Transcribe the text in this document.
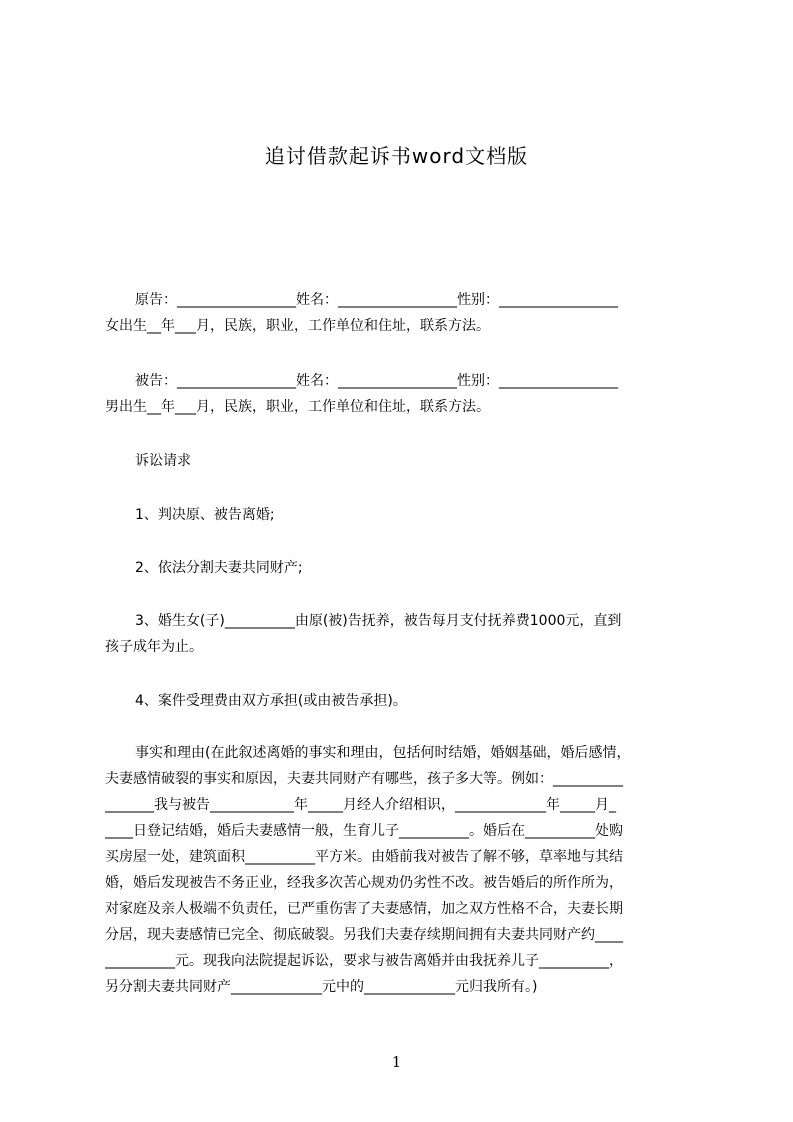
追讨借款起诉书word文档版
原告：_________________姓名：_________________性别：_________________
女出生__年___月，民族，职业，工作单位和住址，联系方法。
被告：_________________姓名：_________________性别：_________________
男出生__年___月，民族，职业，工作单位和住址，联系方法。
诉讼请求
1、判决原、被告离婚;
2、依法分割夫妻共同财产;
3、婚生女(子)__________由原(被)告抚养，被告每月支付抚养费1000元，直到
孩子成年为止。
4、案件受理费由双方承担(或由被告承担)。
事实和理由(在此叙述离婚的事实和理由，包括何时结婚，婚姻基础，婚后感情，
夫妻感情破裂的事实和原因，夫妻共同财产有哪些，孩子多大等。例如：__________
_______我与被告____________年_____月经人介绍相识，_____________年_____月_
____日登记结婚，婚后夫妻感情一般，生育儿子__________。婚后在__________处购
买房屋一处，建筑面积__________平方米。由婚前我对被告了解不够，草率地与其结
婚，婚后发现被告不务正业，经我多次苦心规劝仍劣性不改。被告婚后的所作所为，
对家庭及亲人极端不负责任，已严重伤害了夫妻感情，加之双方性格不合，夫妻长期
分居，现夫妻感情已完全、彻底破裂。另我们夫妻存续期间拥有夫妻共同财产约____
__________元。现我向法院提起诉讼，要求与被告离婚并由我抚养儿子__________，
另分割夫妻共同财产_____________元中的_____________元归我所有。)
1
